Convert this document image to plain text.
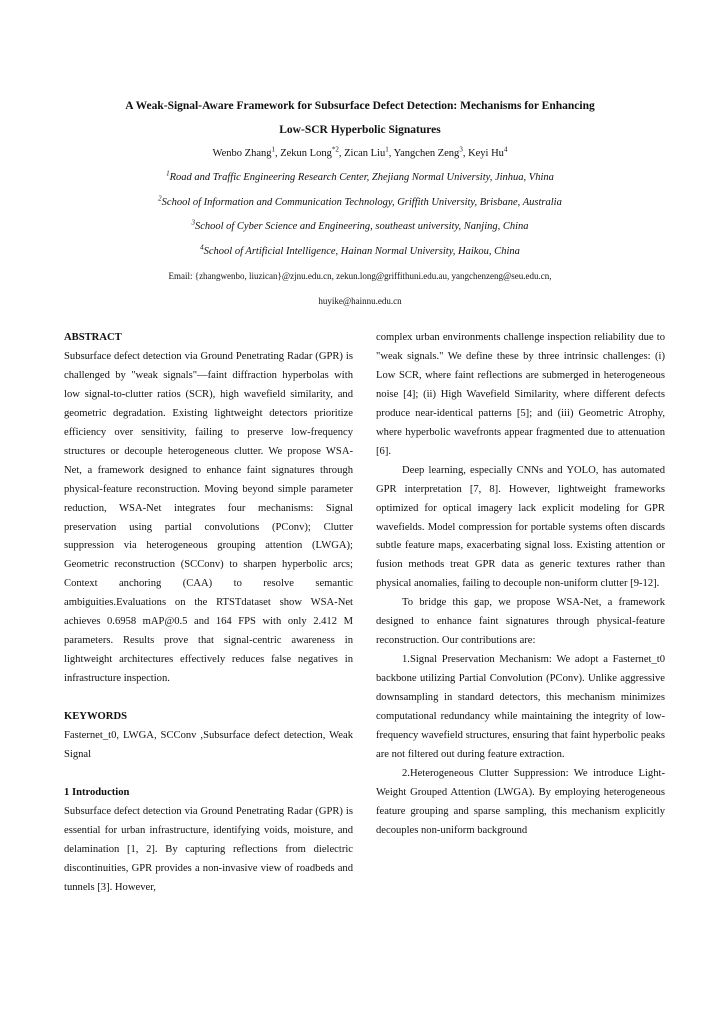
A Weak-Signal-Aware Framework for Subsurface Defect Detection: Mechanisms for Enhancing

Low-SCR Hyperbolic Signatures

Wenbo Zhang$^1$, Zekun Long$^{*2}$, Zican Liu$^1$, Yangchen Zeng$^3$, Keyi Hu$^4$

$^1$Road and Traffic Engineering Research Center, Zhejiang Normal University, Jinhua, Vhina

$^2$School of Information and Communication Technology, Griffith University, Brisbane, Australia

$^3$School of Cyber Science and Engineering, southeast university, Nanjing, China

$^4$School of Artificial Intelligence, Hainan Normal University, Haikou, China

Email: {zhangwenbo, liuzican}@zjnu.edu.cn, zekun.long@griffithuni.edu.au, yangchenzeng@seu.edu.cn,

huyike@hainnu.edu.cn

ABSTRACT

Subsurface defect detection via Ground Penetrating Radar (GPR) is challenged by "weak signals"—faint diffraction hyperbolas with low signal-to-clutter ratios (SCR), high wavefield similarity, and geometric degradation. Existing lightweight detectors prioritize efficiency over sensitivity, failing to preserve low-frequency structures or decouple heterogeneous clutter. We propose WSA-Net, a framework designed to enhance faint signatures through physical-feature reconstruction. Moving beyond simple parameter reduction, WSA-Net integrates four mechanisms: Signal preservation using partial convolutions (PConv); Clutter suppression via heterogeneous grouping attention (LWGA); Geometric reconstruction (SCConv) to sharpen hyperbolic arcs; Context anchoring (CAA) to resolve semantic ambiguities.Evaluations on the RTSTdataset show WSA-Net achieves 0.6958 mAP@0.5 and 164 FPS with only 2.412 M parameters. Results prove that signal-centric awareness in lightweight architectures effectively reduces false negatives in infrastructure inspection.

KEYWORDS

Fasternet_t0, LWGA, SCConv ,Subsurface defect detection, Weak Signal

1 Introduction

Subsurface defect detection via Ground Penetrating Radar (GPR) is essential for urban infrastructure, identifying voids, moisture, and delamination [1, 2]. By capturing reflections from dielectric discontinuities, GPR provides a non-invasive view of roadbeds and tunnels [3]. However,

complex urban environments challenge inspection reliability due to "weak signals." We define these by three intrinsic challenges: (i) Low SCR, where faint reflections are submerged in heterogeneous noise [4]; (ii) High Wavefield Similarity, where different defects produce near-identical patterns [5]; and (iii) Geometric Atrophy, where hyperbolic wavefronts appear fragmented due to attenuation [6].

Deep learning, especially CNNs and YOLO, has automated GPR interpretation [7, 8]. However, lightweight frameworks optimized for optical imagery lack explicit modeling for GPR wavefields. Model compression for portable systems often discards subtle feature maps, exacerbating signal loss. Existing attention or fusion methods treat GPR data as generic textures rather than physical anomalies, failing to decouple non-uniform clutter [9-12].

To bridge this gap, we propose WSA-Net, a framework designed to enhance faint signatures through physical-feature reconstruction. Our contributions are:

1.Signal Preservation Mechanism: We adopt a Fasternet_t0 backbone utilizing Partial Convolution (PConv). Unlike aggressive downsampling in standard detectors, this mechanism minimizes computational redundancy while maintaining the integrity of low-frequency wavefield structures, ensuring that faint hyperbolic peaks are not filtered out during feature extraction.

2.Heterogeneous Clutter Suppression: We introduce Light-Weight Grouped Attention (LWGA). By employing heterogeneous feature grouping and sparse sampling, this mechanism explicitly decouples non-uniform background
